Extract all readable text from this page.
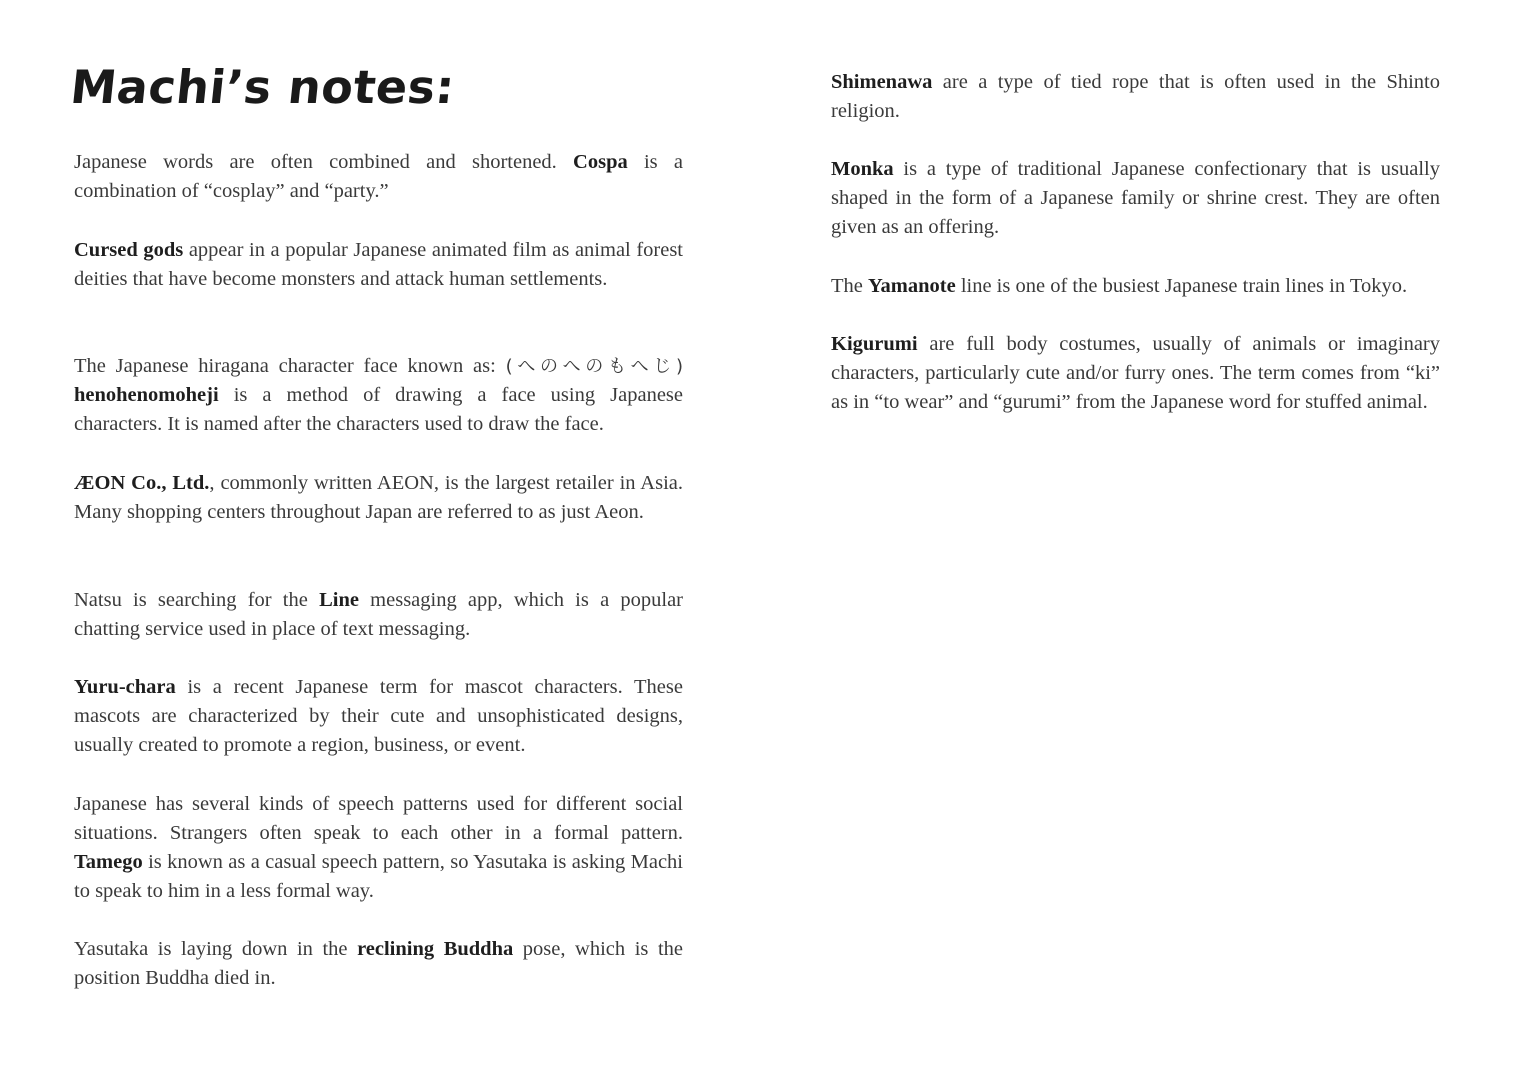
Machi’s notes:

Japanese words are often combined and shortened. Cospa is a combination of “cosplay” and “party.”

Cursed gods appear in a popular Japanese animated film as animal forest deities that have become monsters and attack human settlements.

The Japanese hiragana character face known as: (へのへのもへじ) henohenomoheji is a method of drawing a face using Japanese characters. It is named after the characters used to draw the face.

ÆON Co., Ltd., commonly written AEON, is the largest retailer in Asia. Many shopping centers throughout Japan are referred to as just Aeon.

Natsu is searching for the Line messaging app, which is a popular chatting service used in place of text messaging.

Yuru-chara is a recent Japanese term for mascot characters. These mascots are characterized by their cute and unsophisticated designs, usually created to promote a region, business, or event.

Japanese has several kinds of speech patterns used for different social situations. Strangers often speak to each other in a formal pattern. Tamego is known as a casual speech pattern, so Yasutaka is asking Machi to speak to him in a less formal way.

Yasutaka is laying down in the reclining Buddha pose, which is the position Buddha died in.

Shimenawa are a type of tied rope that is often used in the Shinto religion.

Monka is a type of traditional Japanese confectionary that is usually shaped in the form of a Japanese family or shrine crest. They are often given as an offering.

The Yamanote line is one of the busiest Japanese train lines in Tokyo.

Kigurumi are full body costumes, usually of animals or imaginary characters, particularly cute and/or furry ones. The term comes from “ki” as in “to wear” and “gurumi” from the Japanese word for stuffed animal.
